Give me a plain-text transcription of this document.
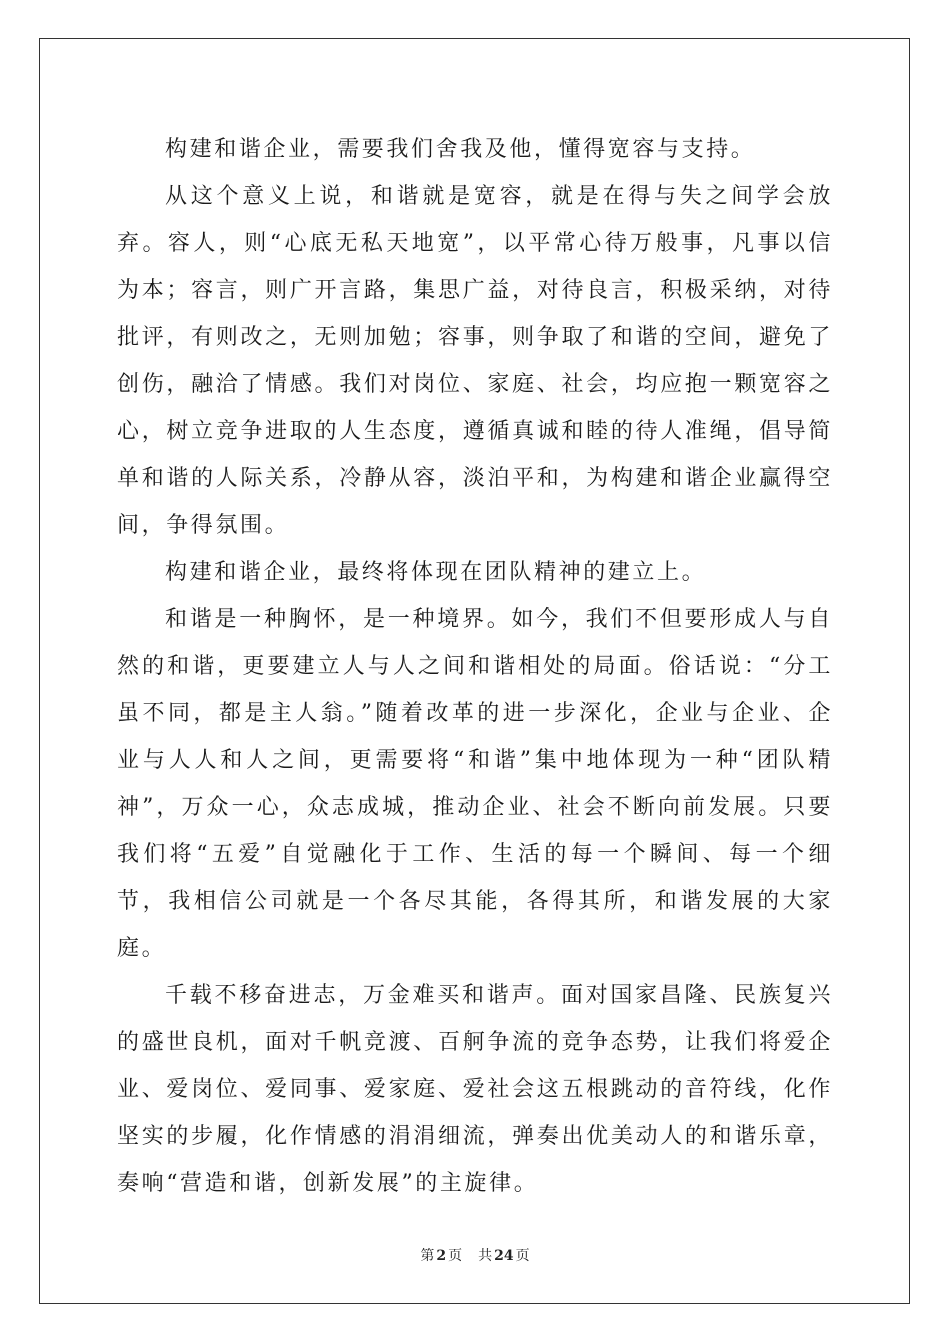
构建和谐企业，需要我们舍我及他，懂得宽容与支持。

从这个意义上说，和谐就是宽容，就是在得与失之间学会放弃。容人，则“心底无私天地宽”，以平常心待万般事，凡事以信为本；容言，则广开言路，集思广益，对待良言，积极采纳，对待批评，有则改之，无则加勉；容事，则争取了和谐的空间，避免了创伤，融洽了情感。我们对岗位、家庭、社会，均应抱一颗宽容之心，树立竞争进取的人生态度，遵循真诚和睦的待人准绳，倡导简单和谐的人际关系，冷静从容，淡泊平和，为构建和谐企业赢得空间，争得氛围。

构建和谐企业，最终将体现在团队精神的建立上。

和谐是一种胸怀，是一种境界。如今，我们不但要形成人与自然的和谐，更要建立人与人之间和谐相处的局面。俗话说：“分工虽不同，都是主人翁。”随着改革的进一步深化，企业与企业、企业与人人和人之间，更需要将“和谐”集中地体现为一种“团队精神”，万众一心，众志成城，推动企业、社会不断向前发展。只要我们将“五爱”自觉融化于工作、生活的每一个瞬间、每一个细节，我相信公司就是一个各尽其能，各得其所，和谐发展的大家庭。

千载不移奋进志，万金难买和谐声。面对国家昌隆、民族复兴的盛世良机，面对千帆竞渡、百舸争流的竞争态势，让我们将爱企业、爱岗位、爱同事、爱家庭、爱社会这五根跳动的音符线，化作坚实的步履，化作情感的涓涓细流，弹奏出优美动人的和谐乐章，奏响“营造和谐，创新发展”的主旋律。

第 2 页 共 24 页
